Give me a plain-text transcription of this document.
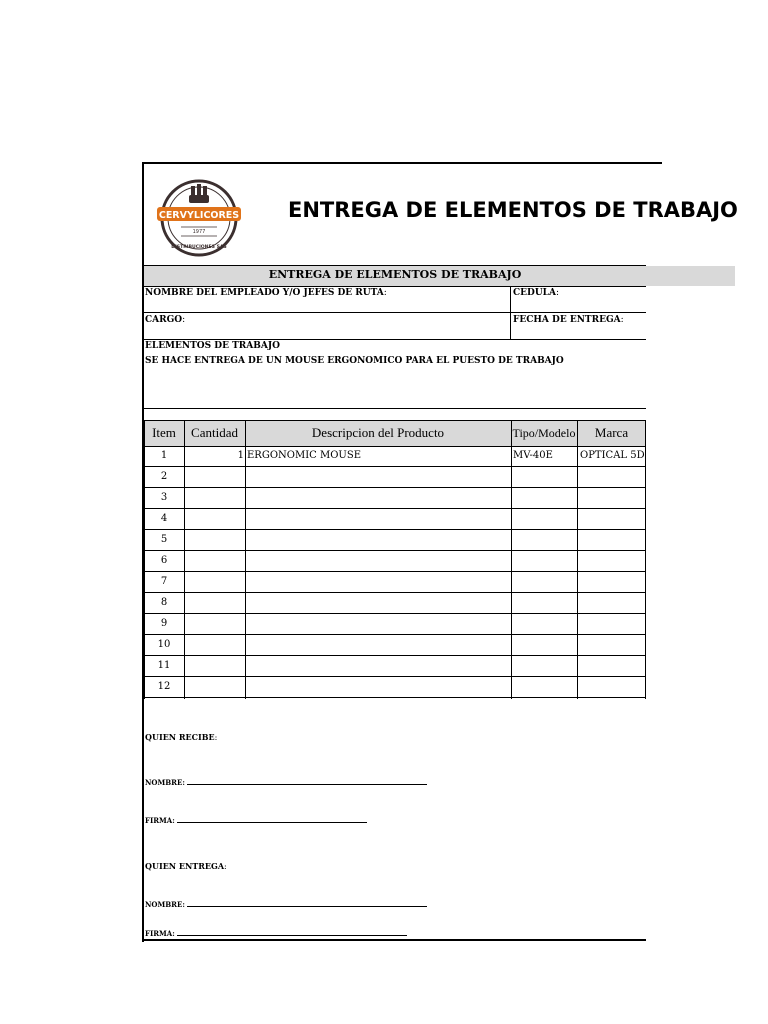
CERVYLICORES
1977
DISTRIBUCIONES SAS
ENTREGA DE ELEMENTOS DE TRABAJO
ENTREGA DE ELEMENTOS DE TRABAJO
NOMBRE DEL EMPLEADO Y/O JEFES DE RUTA:	CEDULA:
CARGO:	FECHA DE ENTREGA:
ELEMENTOS DE TRABAJO
SE HACE ENTREGA DE UN MOUSE ERGONOMICO PARA EL PUESTO DE TRABAJO
Item	Cantidad	Descripcion del Producto	Tipo/Modelo	Marca
1	1 ERGONOMIC MOUSE	MV-40E	OPTICAL 5D
2
3
4
5
6
7
8
9
10
11
12
QUIEN RECIBE:
NOMBRE:
FIRMA:
QUIEN ENTREGA:
NOMBRE:
FIRMA:
